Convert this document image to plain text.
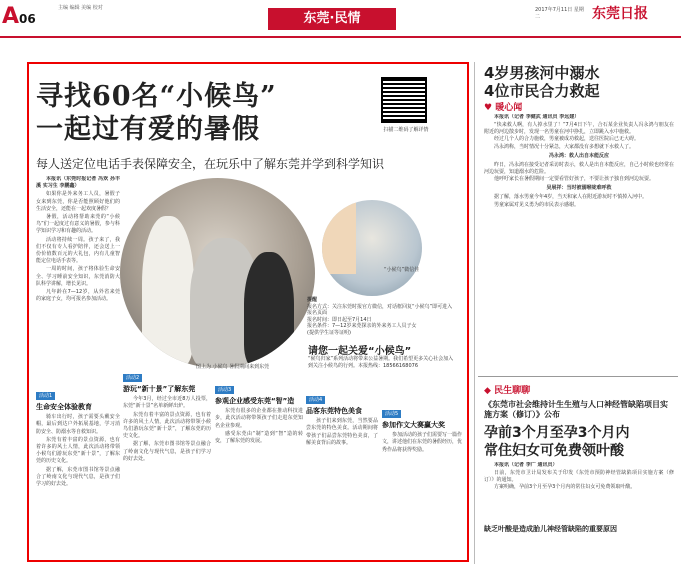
A06
主编 编辑 美编 校对
东莞·民情
2017年7月11日 星期二	东莞日报
寻找60名“小候鸟”
一起过有爱的暑假
每人送定位电话手表保障安全，在玩乐中了解东莞并学到科学知识
扫描二维码了解详情

本报讯（东莞时报记者 冯欢 孙丰溪 实习生 李鹏鑫）

如果你是外来务工人员，暑假子女来到东莞，你是否能照顾好他们的生活安全，还能在一起欢度暑假？

暑假，活动将帮助来莞的“小候鸟”们一起度过有意义的暑假，参与科学知识学习和有趣的活动。

活动将持续一周。孩子来了，我们不仅有专人看护陪伴，还会送上一份价值数百元的大礼包，内有儿童智能定位电话手表等。

一周的时间，孩子将体验生命安全、学习睡前安全知识，东莞消防大队科学讲解，增长见识。

凡年龄在7—12岁，从外省来莞的家庭子女，均可报名参加活动。

图上为 小候鸟 暑假期间来到东莞
“小候鸟”微信佳
提醒
报名方式：关注东莞时报官方微信，对话框回复“小候鸟”即可进入报名页面
报名时间：即日起至7月14日
报名条件：7—12岁来莞探亲的外来务工人员子女
(提供学生证等证明)
请您一起关爱“小候鸟”
“候鸟归家”系列活动将带来公益暑期。我们希望更多关心社会加入到关注小候鸟的行列。本报热线：18566168076
活动1
生命安全体验教育

骑车出行时，孩子需要头戴安全帽，最后到达户外拓展基地，学习消防安全、防溺水等自救知识。

东莞有着丰富的景点资源，也有着许多的风土人情，此次活动将带领小候鸟们游玩东莞“新十景”，了解东莞的历史文化。

据了解，东莞市图书馆等景点融合了岭南文化与现代气息，是孩子们学习的好去处。

活动2
游玩“新十景”了解东莞

今年3月，经过全市近8万人投票，东莞“新十景”名单新鲜出炉。

东莞有着丰富的景点资源，也有着许多的风土人情，此次活动将带领小候鸟们游玩东莞“新十景”，了解东莞的历史文化。

据了解，东莞市图书馆等景点融合了岭南文化与现代气息，是孩子们学习的好去处。

活动3
参观企业感受东莞“智”造

东莞有很多的企业都在推动科技进步，此次活动将带领孩子们走进东莞知名企业参观。

感受东莞由“制”造到“智”造的转变，了解东莞的发展。

活动4
品客东莞特色美食

孩子们来到东莞，当然要品尝东莞的特色美食。活动期间将带孩子们品尝东莞特色美食，了解美食背后的故事。

活动5
参加作文大赛赢大奖

参加活动的孩子们需要写一篇作文，讲述他们在东莞的暑假经历，优秀作品将获得奖励。

4岁男孩河中溺水
4位市民合力救起
♥ 暖心闻

本报讯（记者 李健武 通讯员 李远建）

“快来救人啊，有人掉水里了！”7月4日下午，合石某企业负责人冯永鸿与朋友在附近的河边散步时，发现一名男童在河中挣扎，立即跳入水中施救。

经过几个人的合力施救，男童被成功救起，送往医院后已无大碍。

冯永鸿称，当时情况十分紧急，大家都没有多想就下水救人了。

冯永鸿：救人出自本能反应

昨日，冯永鸿在接受记者采访时表示，救人是出自本能反应，自己小时候也经常在河边玩耍，知道溺水的危险。

他呼吁家长在暑假期间一定要看管好孩子，不要让孩子独自到河边玩耍。

吴展祥：当时被溺喉咙难呼救

据了解，落水男童今年4岁，当天和家人在附近游玩时不慎掉入河中。

男童家属对见义勇为的市民表示感谢。

◆ 民生聊聊
《东莞市社会维持计生生殖与人口神经管缺陷项目实施方案（修订）》公布
孕前3个月至孕3个月内
常住妇女可免费领叶酸

本报讯（记者 李广 通讯员）

日前，东莞市卫计局发布关于印发《东莞市预防神经管缺陷项目实施方案（修订）》的通知。

方案明确，孕前3个月至孕3个月内的常住妇女可免费领取叶酸。

缺乏叶酸是造成胎儿神经管缺陷的重要原因
